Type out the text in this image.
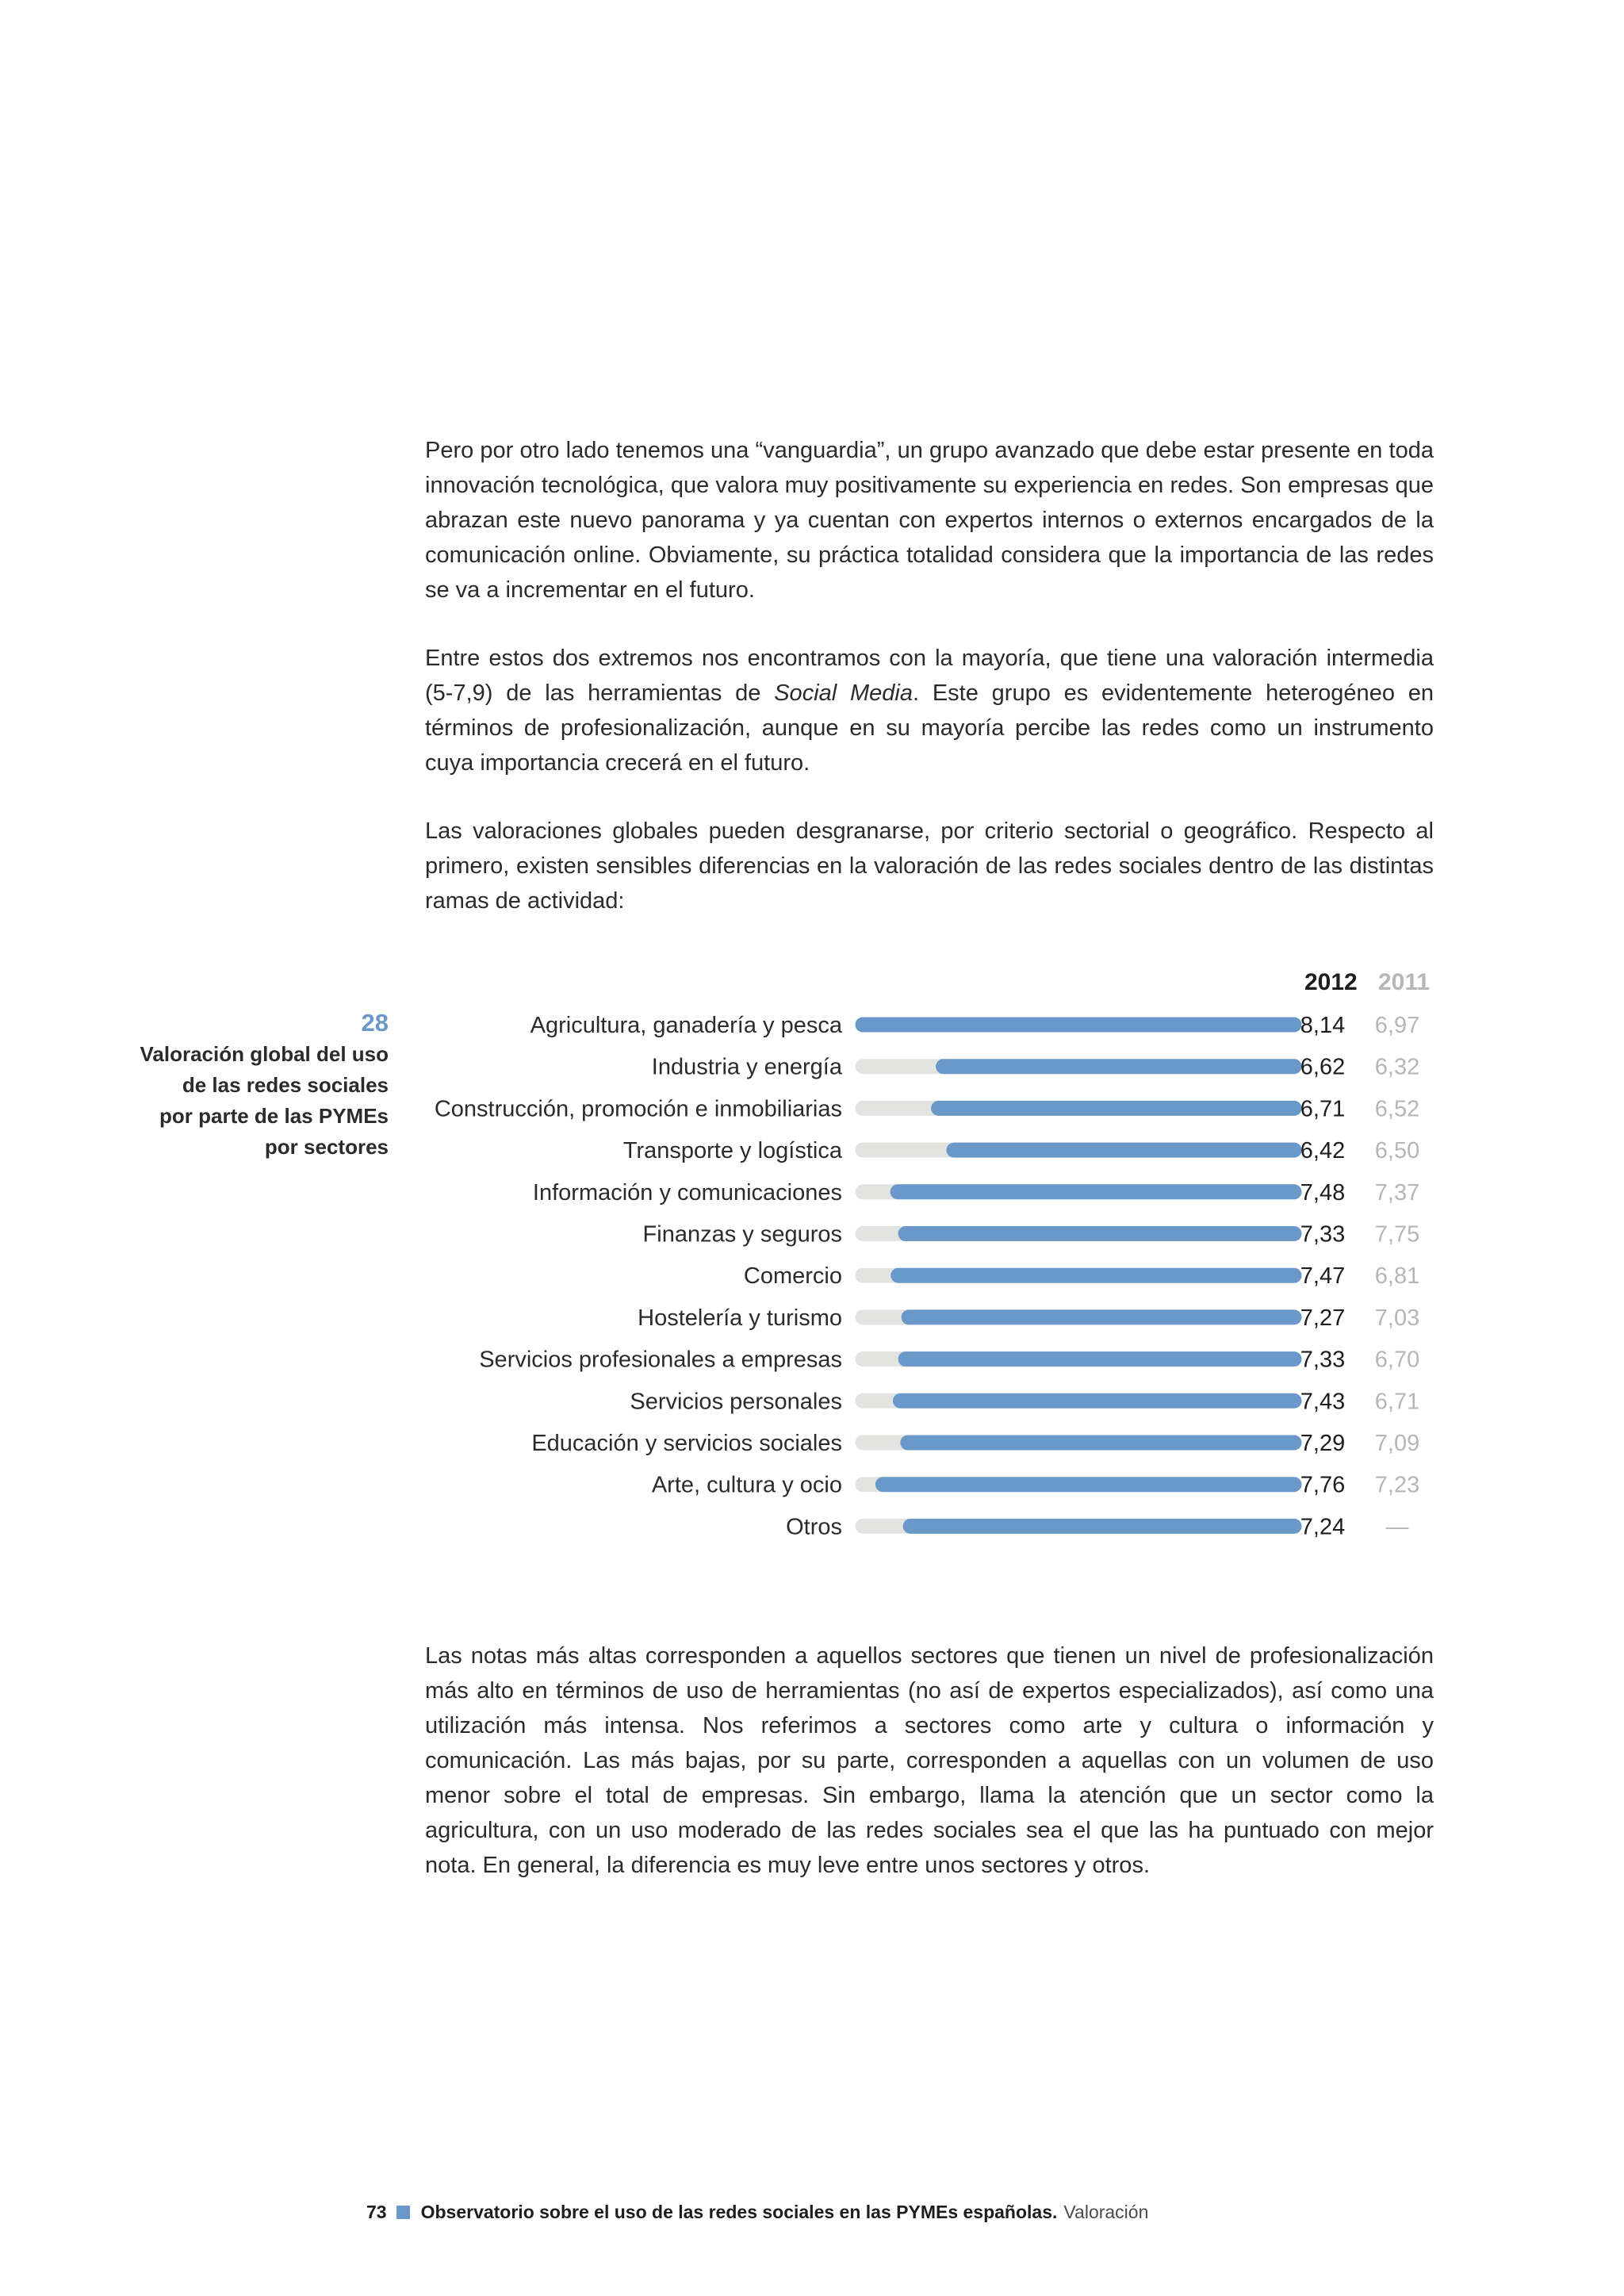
Pero por otro lado tenemos una “vanguardia”, un grupo avanzado que debe estar presente en toda innovación tecnológica, que valora muy positivamente su experiencia en redes. Son empresas que abrazan este nuevo panorama y ya cuentan con expertos internos o externos encargados de la comunicación online. Obviamente, su práctica totalidad considera que la importancia de las redes se va a incrementar en el futuro.

Entre estos dos extremos nos encontramos con la mayoría, que tiene una valoración intermedia (5-7,9) de las herramientas de Social Media. Este grupo es evidentemente heterogéneo en términos de profesionalización, aunque en su mayoría percibe las redes como un instrumento cuya importancia crecerá en el futuro.

Las valoraciones globales pueden desgranarse, por criterio sectorial o geográfico. Respecto al primero, existen sensibles diferencias en la valoración de las redes sociales dentro de las distintas ramas de actividad:

28
Valoración global del uso
de las redes sociales
por parte de las PYMEs
por sectores
2012 2011
Agricultura, ganadería y pesca	8,14 6,97
Industria y energía	6,62 6,32
Construcción, promoción e inmobiliarias	6,71 6,52
Transporte y logística	6,42 6,50
Información y comunicaciones	7,48 7,37
Finanzas y seguros	7,33 7,75
Comercio	7,47 6,81
Hostelería y turismo	7,27 7,03
Servicios profesionales a empresas	7,33 6,70
Servicios personales	7,43 6,71
Educación y servicios sociales	7,29 7,09
Arte, cultura y ocio	7,76 7,23
Otros	7,24 —

Las notas más altas corresponden a aquellos sectores que tienen un nivel de profesionalización más alto en términos de uso de herramientas (no así de expertos especializados), así como una utilización más intensa. Nos referimos a sectores como arte y cultura o información y comunicación. Las más bajas, por su parte, corresponden a aquellas con un volumen de uso menor sobre el total de empresas. Sin embargo, llama la atención que un sector como la agricultura, con un uso moderado de las redes sociales sea el que las ha puntuado con mejor nota. En general, la diferencia es muy leve entre unos sectores y otros.

73 Observatorio sobre el uso de las redes sociales en las PYMEs españolas. Valoración
